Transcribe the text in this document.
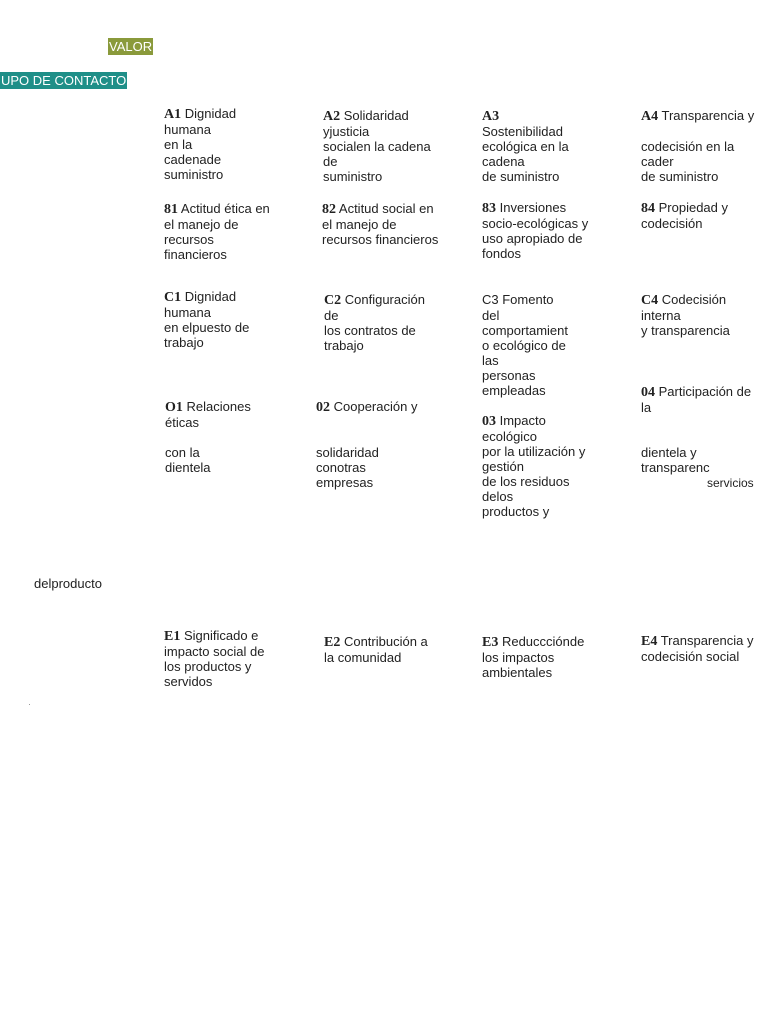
VALOR
UPO DE CONTACTO
delproducto
A1 Dignidad
humana
en la
cadenade
suministro
A2 Solidaridad
yjusticia
socialen la cadena
de
suministro
A3
Sostenibilidad
ecológica en la
cadena
de suministro
A4 Transparencia y

codecisión en la
cader
de suministro
81 Actitud ética en
el manejo de
recursos
financieros
82 Actitud social en
el manejo de
recursos financieros
83 Inversiones
socio-ecológicas y
uso apropiado de
fondos
84 Propiedad y
codecisión
C1 Dignidad
humana
en elpuesto de
trabajo
C2 Configuración
de
los contratos de
trabajo
C3 Fomento
del
comportamient
o ecológico de
las
personas
empleadas
C4 Codecisión
interna
y transparencia
O1 Relaciones
éticas

con la
dientela
02 Cooperación y

solidaridad
conotras
empresas
03 Impacto
ecológico
por la utilización y
gestión
de los residuos
delos
productos y
04 Participación de
la

dientela y
transparenc
servicios
E1 Significado e
impacto social de
los productos y
servidos
E2 Contribución a
la comunidad
E3 Reduccciónde
los impactos
ambientales
E4 Transparencia y
codecisión social
